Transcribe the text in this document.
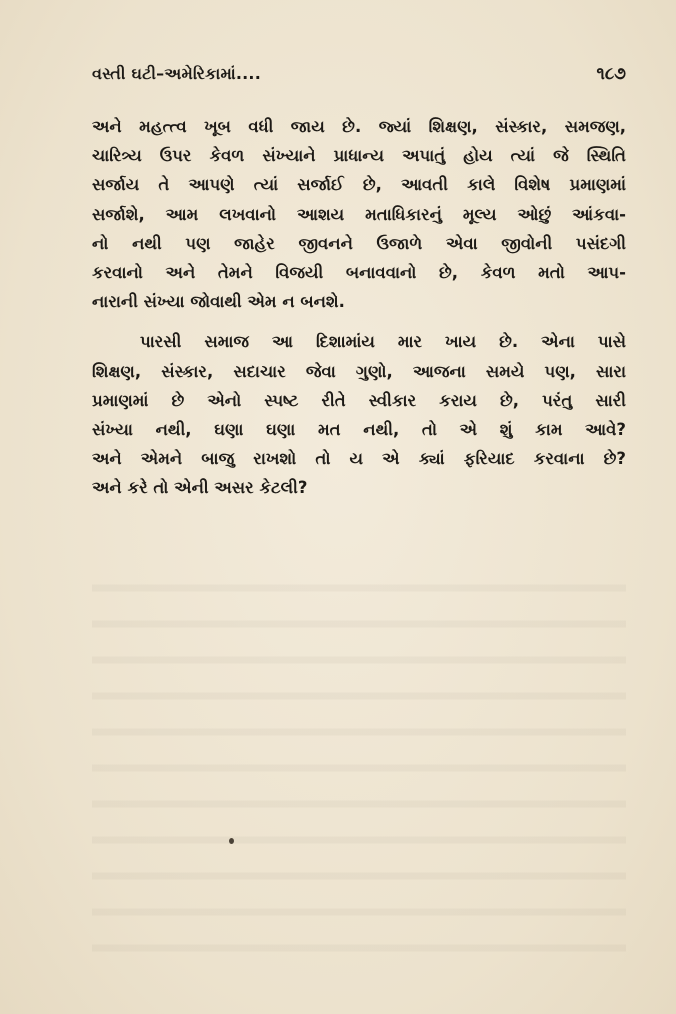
વસ્તી ઘટી–અમેરિકામાં....	૧૮૭

અને મહત્ત્વ ખૂબ વધી જાય છે. જ્યાં શિક્ષણ, સંસ્કાર, સમજણ,
ચારિત્ર્ય ઉપર કેવળ સંખ્યાને પ્રાધાન્ય અપાતું હોય ત્યાં જે સ્થિતિ
સર્જાય તે આપણે ત્યાં સર્જાઈ છે, આવતી કાલે વિશેષ પ્રમાણમાં
સર્જાશે, આમ લખવાનો આશય મતાધિકારનું મૂલ્ય ઓછું આંકવા-
નો નથી પણ જાહેર જીવનને ઉજાળે એવા જીવોની પસંદગી
કરવાનો અને તેમને વિજયી બનાવવાનો છે, કેવળ મતો આપ-
નારાની સંખ્યા જોવાથી એમ ન બનશે.

પારસી સમાજ આ દિશામાંય માર ખાય છે. એના પાસે
શિક્ષણ, સંસ્કાર, સદાચાર જેવા ગુણો, આજના સમયે પણ, સારા
પ્રમાણમાં છે એનો સ્પષ્ટ રીતે સ્વીકાર કરાય છે, પરંતુ સારી
સંખ્યા નથી, ઘણા ઘણા મત નથી, તો એ શું કામ આવે?
અને એમને બાજુ રાખશો તો ય એ ક્યાં ફરિયાદ કરવાના છે?
અને કરે તો એની અસર કેટલી?
